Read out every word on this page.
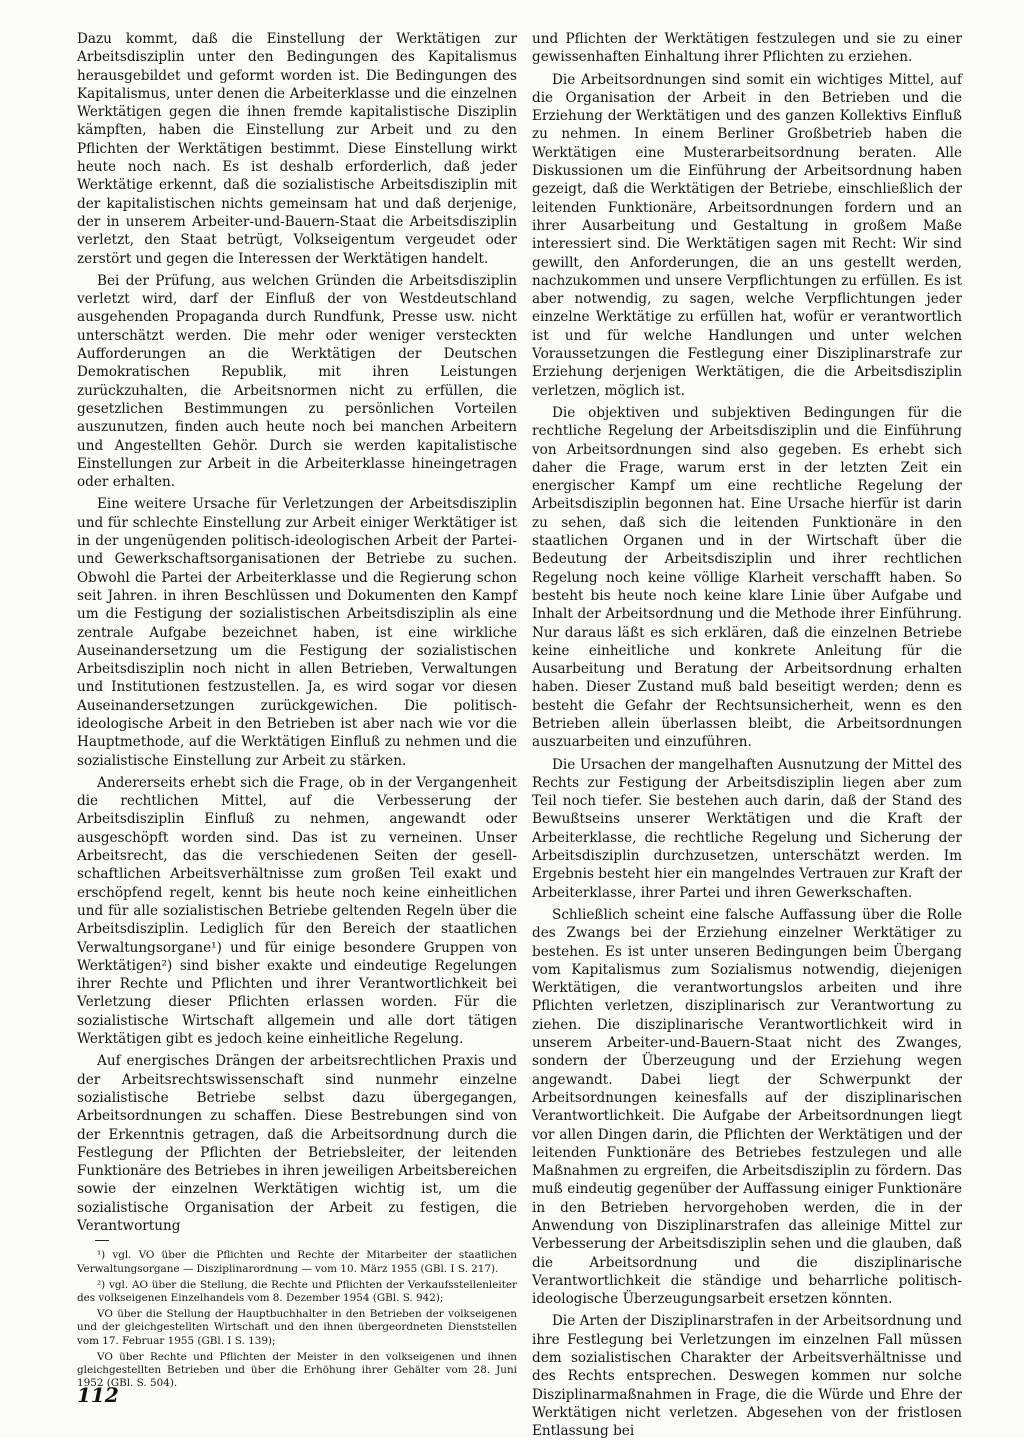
Dazu kommt, daß die Einstellung der Werktätigen zur Arbeitsdisziplin unter den Bedingungen des Kapitalismus herausgebildet und geformt worden ist. Die Bedingungen des Kapitalismus, unter denen die Arbeiterklasse und die einzelnen Werktätigen gegen die ihnen fremde kapitalistische Disziplin kämpften, haben die Einstellung zur Arbeit und zu den Pflichten der Werktätigen bestimmt. Diese Einstellung wirkt heute noch nach. Es ist deshalb erforderlich, daß jeder Werktätige erkennt, daß die sozialistische Arbeitsdisziplin mit der kapitalistischen nichts gemeinsam hat und daß derjenige, der in unserem Arbeiter-und-Bauern-Staat die Arbeitsdisziplin verletzt, den Staat betrügt, Volkseigentum vergeudet oder zerstört und gegen die Interessen der Werktätigen handelt.

Bei der Prüfung, aus welchen Gründen die Arbeitsdisziplin verletzt wird, darf der Einfluß der von Westdeutschland ausgehenden Propaganda durch Rundfunk, Presse usw. nicht unterschätzt werden. Die mehr oder weniger versteckten Aufforderungen an die Werktätigen der Deutschen Demokratischen Republik, mit ihren Leistungen zurückzuhalten, die Arbeitsnormen nicht zu erfüllen, die gesetzlichen Bestimmungen zu persönlichen Vorteilen auszunutzen, finden auch heute noch bei manchen Arbeitern und Angestellten Gehör. Durch sie werden kapitalistische Einstellungen zur Arbeit in die Arbeiterklasse hineingetragen oder erhalten.

Eine weitere Ursache für Verletzungen der Arbeitsdisziplin und für schlechte Einstellung zur Arbeit einiger Werktätiger ist in der ungenügenden politisch-ideologischen Arbeit der Partei- und Gewerkschaftsorganisationen der Betriebe zu suchen. Obwohl die Partei der Arbeiterklasse und die Regierung schon seit Jahren. in ihren Beschlüssen und Dokumenten den Kampf um die Festigung der sozialistischen Arbeitsdisziplin als eine zentrale Aufgabe bezeichnet haben, ist eine wirkliche Auseinandersetzung um die Festigung der sozialistischen Arbeitsdisziplin noch nicht in allen Betrieben, Verwaltungen und Institutionen festzustellen. Ja, es wird sogar vor diesen Auseinandersetzungen zurückgewichen. Die politisch-ideologische Arbeit in den Betrieben ist aber nach wie vor die Hauptmethode, auf die Werktätigen Einfluß zu nehmen und die sozialistische Einstellung zur Arbeit zu stärken.

Andererseits erhebt sich die Frage, ob in der Vergangenheit die rechtlichen Mittel, auf die Verbesserung der Arbeitsdisziplin Einfluß zu nehmen, angewandt oder ausgeschöpft worden sind. Das ist zu verneinen. Unser Arbeitsrecht, das die verschiedenen Seiten der gesellschaftlichen Arbeitsverhältnisse zum großen Teil exakt und erschöpfend regelt, kennt bis heute noch keine einheitlichen und für alle sozialistischen Betriebe geltenden Regeln über die Arbeitsdisziplin. Lediglich für den Bereich der staatlichen Verwaltungsorgane¹) und für einige besondere Gruppen von Werktätigen²) sind bisher exakte und eindeutige Regelungen ihrer Rechte und Pflichten und ihrer Verantwortlichkeit bei Verletzung dieser Pflichten erlassen worden. Für die sozialistische Wirtschaft allgemein und alle dort tätigen Werktätigen gibt es jedoch keine einheitliche Regelung.

Auf energisches Drängen der arbeitsrechtlichen Praxis und der Arbeitsrechtswissenschaft sind nunmehr einzelne sozialistische Betriebe selbst dazu übergegangen, Arbeitsordnungen zu schaffen. Diese Bestrebungen sind von der Erkenntnis getragen, daß die Arbeitsordnung durch die Festlegung der Pflichten der Betriebsleiter, der leitenden Funktionäre des Betriebes in ihren jeweiligen Arbeitsbereichen sowie der einzelnen Werktätigen wichtig ist, um die sozialistische Organisation der Arbeit zu festigen, die Verantwortung

¹) vgl. VO über die Pflichten und Rechte der Mitarbeiter der staatlichen Verwaltungsorgane — Disziplinarordnung — vom 10. März 1955 (GBl. I S. 217).

²) vgl. AO über die Stellung, die Rechte und Pflichten der Verkaufsstellenleiter des volkseigenen Einzelhandels vom 8. Dezember 1954 (GBl. S. 942);

VO über die Stellung der Hauptbuchhalter in den Betrieben der volkseigenen und der gleichgestellten Wirtschaft und den ihnen übergeordneten Dienststellen vom 17. Februar 1955 (GBl. I S. 139);

VO über Rechte und Pflichten der Meister in den volkseigenen und ihnen gleichgestellten Betrieben und über die Erhöhung ihrer Gehälter vom 28. Juni 1952 (GBl. S. 504).

und Pflichten der Werktätigen festzulegen und sie zu einer gewissenhaften Einhaltung ihrer Pflichten zu erziehen.

Die Arbeitsordnungen sind somit ein wichtiges Mittel, auf die Organisation der Arbeit in den Betrieben und die Erziehung der Werktätigen und des ganzen Kollektivs Einfluß zu nehmen. In einem Berliner Großbetrieb haben die Werktätigen eine Musterarbeitsordnung beraten. Alle Diskussionen um die Einführung der Arbeitsordnung haben gezeigt, daß die Werktätigen der Betriebe, einschließlich der leitenden Funktionäre, Arbeitsordnungen fordern und an ihrer Ausarbeitung und Gestaltung in großem Maße interessiert sind. Die Werktätigen sagen mit Recht: Wir sind gewillt, den Anforderungen, die an uns gestellt werden, nachzukommen und unsere Verpflichtungen zu erfüllen. Es ist aber notwendig, zu sagen, welche Verpflichtungen jeder einzelne Werktätige zu erfüllen hat, wofür er verantwortlich ist und für welche Handlungen und unter welchen Voraussetzungen die Festlegung einer Disziplinarstrafe zur Erziehung derjenigen Werktätigen, die die Arbeitsdisziplin verletzen, möglich ist.

Die objektiven und subjektiven Bedingungen für die rechtliche Regelung der Arbeitsdisziplin und die Einführung von Arbeitsordnungen sind also gegeben. Es erhebt sich daher die Frage, warum erst in der letzten Zeit ein energischer Kampf um eine rechtliche Regelung der Arbeitsdisziplin begonnen hat. Eine Ursache hierfür ist darin zu sehen, daß sich die leitenden Funktionäre in den staatlichen Organen und in der Wirtschaft über die Bedeutung der Arbeitsdisziplin und ihrer rechtlichen Regelung noch keine völlige Klarheit verschafft haben. So besteht bis heute noch keine klare Linie über Aufgabe und Inhalt der Arbeitsordnung und die Methode ihrer Einführung. Nur daraus läßt es sich erklären, daß die einzelnen Betriebe keine einheitliche und konkrete Anleitung für die Ausarbeitung und Beratung der Arbeitsordnung erhalten haben. Dieser Zustand muß bald beseitigt werden; denn es besteht die Gefahr der Rechtsunsicherheit, wenn es den Betrieben allein überlassen bleibt, die Arbeitsordnungen auszuarbeiten und einzuführen.

Die Ursachen der mangelhaften Ausnutzung der Mittel des Rechts zur Festigung der Arbeitsdisziplin liegen aber zum Teil noch tiefer. Sie bestehen auch darin, daß der Stand des Bewußtseins unserer Werktätigen und die Kraft der Arbeiterklasse, die rechtliche Regelung und Sicherung der Arbeitsdisziplin durchzusetzen, unterschätzt werden. Im Ergebnis besteht hier ein mangelndes Vertrauen zur Kraft der Arbeiterklasse, ihrer Partei und ihren Gewerkschaften.

Schließlich scheint eine falsche Auffassung über die Rolle des Zwangs bei der Erziehung einzelner Werktätiger zu bestehen. Es ist unter unseren Bedingungen beim Übergang vom Kapitalismus zum Sozialismus notwendig, diejenigen Werktätigen, die verantwortungslos arbeiten und ihre Pflichten verletzen, disziplinarisch zur Verantwortung zu ziehen. Die disziplinarische Verantwortlichkeit wird in unserem Arbeiter-und-Bauern-Staat nicht des Zwanges, sondern der Überzeugung und der Erziehung wegen angewandt. Dabei liegt der Schwerpunkt der Arbeitsordnungen keinesfalls auf der disziplinarischen Verantwortlichkeit. Die Aufgabe der Arbeitsordnungen liegt vor allen Dingen darin, die Pflichten der Werktätigen und der leitenden Funktionäre des Betriebes festzulegen und alle Maßnahmen zu ergreifen, die Arbeitsdisziplin zu fördern. Das muß eindeutig gegenüber der Auffassung einiger Funktionäre in den Betrieben hervorgehoben werden, die in der Anwendung von Disziplinarstrafen das alleinige Mittel zur Verbesserung der Arbeitsdisziplin sehen und die glauben, daß die Arbeitsordnung und die disziplinarische Verantwortlichkeit die ständige und beharrliche politisch-ideologische Überzeugungsarbeit ersetzen könnten.

Die Arten der Disziplinarstrafen in der Arbeitsordnung und ihre Festlegung bei Verletzungen im einzelnen Fall müssen dem sozialistischen Charakter der Arbeitsverhältnisse und des Rechts entsprechen. Deswegen kommen nur solche Disziplinarmaßnahmen in Frage, die die Würde und Ehre der Werktätigen nicht verletzen. Abgesehen von der fristlosen Entlassung bei

112
